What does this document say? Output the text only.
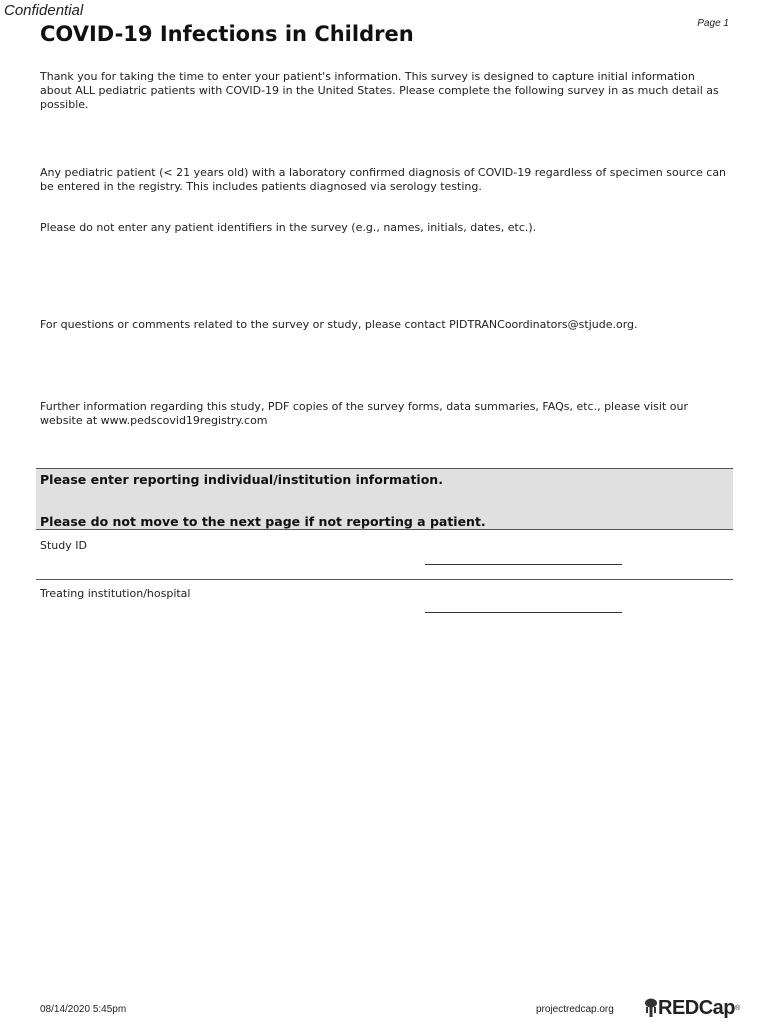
Confidential
Page 1
COVID-19 Infections in Children

Thank you for taking the time to enter your patient's information. This survey is designed to capture initial information about ALL pediatric patients with COVID-19 in the United States. Please complete the following survey in as much detail as possible.

Any pediatric patient (< 21 years old) with a laboratory confirmed diagnosis of COVID-19 regardless of specimen source can be entered in the registry. This includes patients diagnosed via serology testing.

Please do not enter any patient identifiers in the survey (e.g., names, initials, dates, etc.).

For questions or comments related to the survey or study, please contact PIDTRANCoordinators@stjude.org.

Further information regarding this study, PDF copies of the survey forms, data summaries, FAQs, etc., please visit our website at www.pedscovid19registry.com

Please enter reporting individual/institution information.
Please do not move to the next page if not reporting a patient.
Study ID
Treating institution/hospital
08/14/2020 5:45pm	projectredcap.org REDCap ®
